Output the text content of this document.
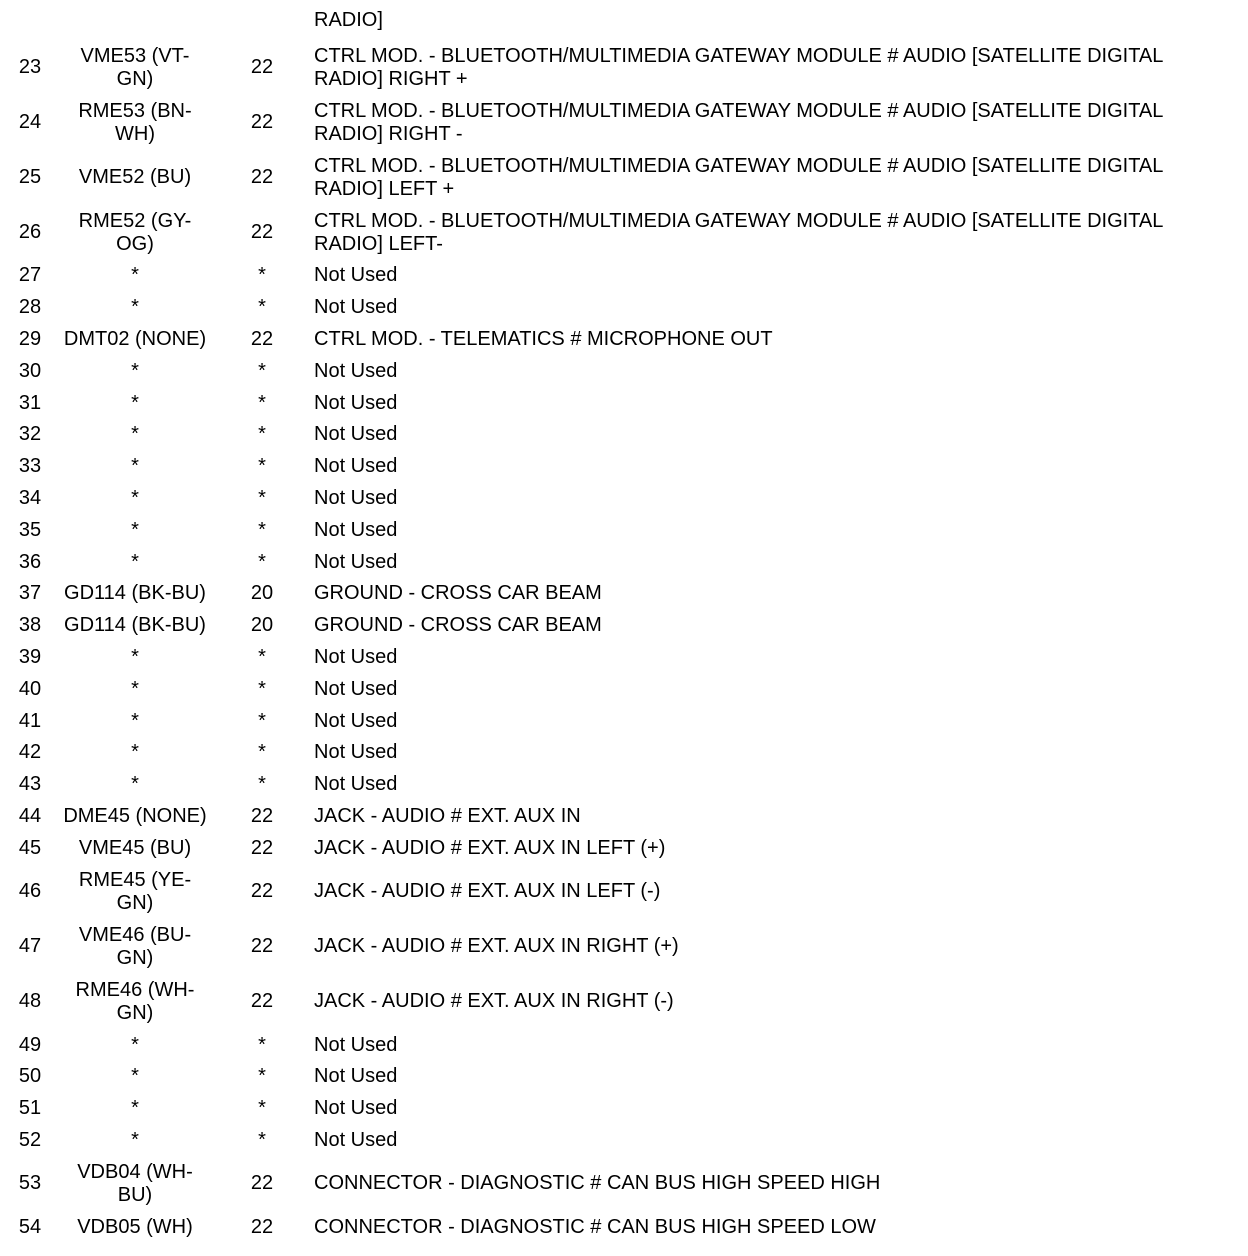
RADIO]
23	VME53 (VT-
GN)	22	CTRL MOD. - BLUETOOTH/MULTIMEDIA GATEWAY MODULE # AUDIO [SATELLITE DIGITAL
RADIO] RIGHT +

24	RME53 (BN-
WH)	22	CTRL MOD. - BLUETOOTH/MULTIMEDIA GATEWAY MODULE # AUDIO [SATELLITE DIGITAL
RADIO] RIGHT -

25	VME52 (BU)	22	CTRL MOD. - BLUETOOTH/MULTIMEDIA GATEWAY MODULE # AUDIO [SATELLITE DIGITAL
RADIO] LEFT +

26	RME52 (GY-
OG)	22	CTRL MOD. - BLUETOOTH/MULTIMEDIA GATEWAY MODULE # AUDIO [SATELLITE DIGITAL
RADIO] LEFT-

27	*	*	Not Used

28	*	*	Not Used

29	DMT02 (NONE)	22	CTRL MOD. - TELEMATICS # MICROPHONE OUT

30	*	*	Not Used

31	*	*	Not Used

32	*	*	Not Used

33	*	*	Not Used

34	*	*	Not Used

35	*	*	Not Used

36	*	*	Not Used

37	GD114 (BK-BU)	20	GROUND - CROSS CAR BEAM

38	GD114 (BK-BU)	20	GROUND - CROSS CAR BEAM

39	*	*	Not Used

40	*	*	Not Used

41	*	*	Not Used

42	*	*	Not Used

43	*	*	Not Used

44	DME45 (NONE)	22	JACK - AUDIO # EXT. AUX IN

45	VME45 (BU)	22	JACK - AUDIO # EXT. AUX IN LEFT (+)

46	RME45 (YE-
GN)	22	JACK - AUDIO # EXT. AUX IN LEFT (-)

47	VME46 (BU-
GN)	22	JACK - AUDIO # EXT. AUX IN RIGHT (+)

48	RME46 (WH-
GN)	22	JACK - AUDIO # EXT. AUX IN RIGHT (-)

49	*	*	Not Used

50	*	*	Not Used

51	*	*	Not Used

52	*	*	Not Used

53	VDB04 (WH-
BU)	22	CONNECTOR - DIAGNOSTIC # CAN BUS HIGH SPEED HIGH

54	VDB05 (WH)	22	CONNECTOR - DIAGNOSTIC # CAN BUS HIGH SPEED LOW
